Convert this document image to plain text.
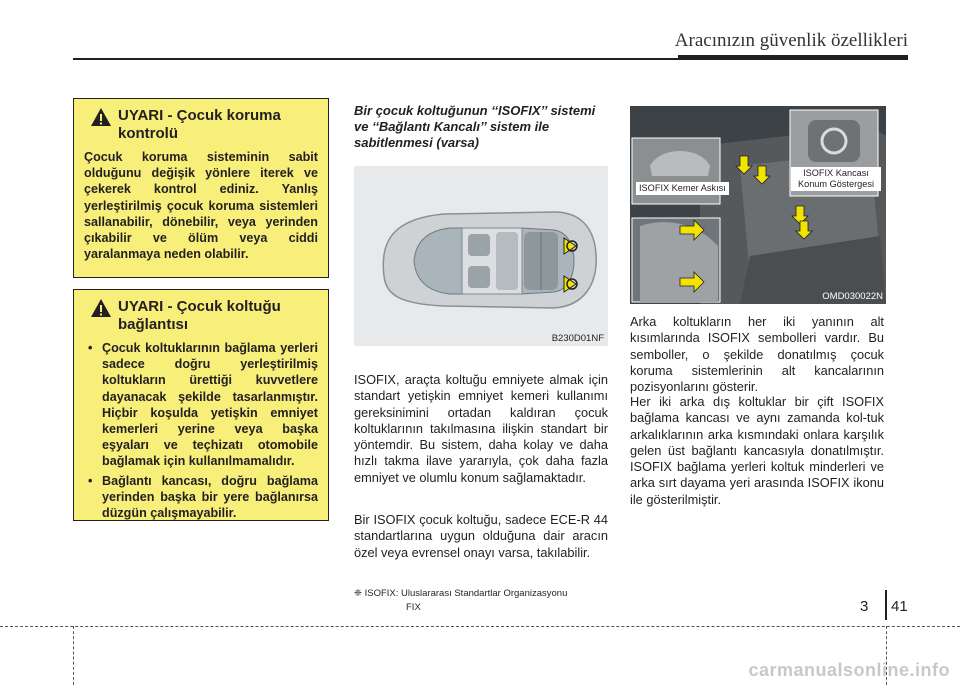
Aracınızın güvenlik özellikleri
UYARI - Çocuk koruma kontrolü
Çocuk koruma sisteminin sabit olduğunu değişik yönlere iterek ve çekerek kontrol ediniz. Yanlış yerleştirilmiş çocuk koruma sistemleri sallanabilir, dönebilir, veya yerinden çıkabilir ve ölüm veya ciddi yaralanmaya neden olabilir.
UYARI - Çocuk koltuğu bağlantısı
• Çocuk koltuklarının bağlama yerleri sadece doğru yerleştirilmiş koltukların ürettiği kuvvetlere dayanacak şekilde tasarlanmıştır. Hiçbir koşulda yetişkin emniyet kemerleri yerine veya başka eşyaları ve teçhizatı otomobile bağlamak için kullanılmamalıdır.
• Bağlantı kancası, doğru bağlama yerinden başka bir yere bağlanırsa düzgün çalışmayabilir.
Bir çocuk koltuğunun ‘‘ISOFIX’’ sistemi ve ‘‘Bağlantı Kancalı’’ sistem ile sabitlenmesi (varsa)
B230D01NF
ISOFIX, araçta koltuğu emniyete almak için standart yetişkin emniyet kemeri kullanımı gereksinimini ortadan kaldıran çocuk koltuklarının takılmasına ilişkin standart bir yöntemdir. Bu sistem, daha kolay ve daha hızlı takma ilave yararıyla, çok daha fazla emniyet ve olumlu konum sağlamaktadır.
Bir ISOFIX çocuk koltuğu, sadece ECE-R 44 standartlarına uygun olduğuna dair aracın özel veya evrensel onayı varsa, takılabilir.
❈ ISOFIX: Uluslararası Standartlar Organizasyonu
FIX
ISOFIX Kemer Askısı
ISOFIX Kancası Konum Göstergesi
OMD030022N
Arka koltukların her iki yanının alt kısımlarında ISOFIX sembolleri vardır. Bu semboller, o şekilde donatılmış çocuk koruma sistemlerinin alt kancalarının pozisyonlarını gösterir.
Her iki arka dış koltuklar bir çift ISOFIX bağlama kancası ve aynı zamanda kol-tuk arkalıklarının arka kısmındaki onlara karşılık gelen üst bağlantı kancasıyla donatılmıştır. ISOFIX bağlama yerleri koltuk minderleri ve arka sırt dayama yeri arasında ISOFIX ikonu ile gösterilmiştir.
3 41
carmanualsonline.info
